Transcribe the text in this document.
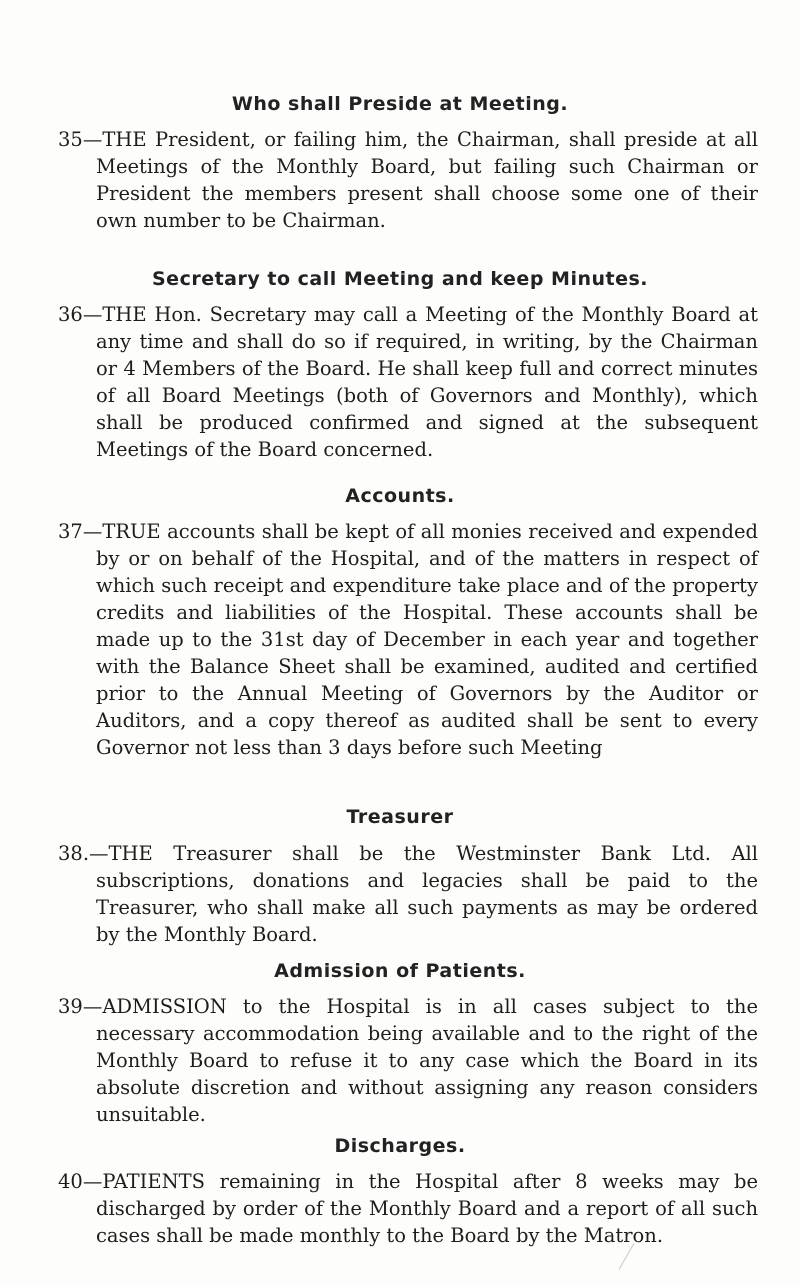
Who shall Preside at Meeting.
35—THE President, or failing him, the Chairman, shall preside at all Meetings of the Monthly Board, but failing such Chairman or President the members present shall choose some one of their own number to be Chairman.
Secretary to call Meeting and keep Minutes.
36—THE Hon. Secretary may call a Meeting of the Monthly Board at any time and shall do so if required, in writing, by the Chairman or 4 Members of the Board. He shall keep full and correct minutes of all Board Meetings (both of Governors and Monthly), which shall be produced confirmed and signed at the subsequent Meetings of the Board concerned.
Accounts.
37—TRUE accounts shall be kept of all monies received and expended by or on behalf of the Hospital, and of the matters in respect of which such receipt and expenditure take place and of the property credits and liabilities of the Hospital. These accounts shall be made up to the 31st day of December in each year and together with the Balance Sheet shall be examined, audited and certified prior to the Annual Meeting of Governors by the Auditor or Auditors, and a copy thereof as audited shall be sent to every Governor not less than 3 days before such Meeting
Treasurer
38.—THE Treasurer shall be the Westminster Bank Ltd. All subscriptions, donations and legacies shall be paid to the Treasurer, who shall make all such payments as may be ordered by the Monthly Board.
Admission of Patients.
39—ADMISSION to the Hospital is in all cases subject to the necessary accommodation being available and to the right of the Monthly Board to refuse it to any case which the Board in its absolute discretion and without assigning any reason considers unsuitable.
Discharges.
40—PATIENTS remaining in the Hospital after 8 weeks may be discharged by order of the Monthly Board and a report of all such cases shall be made monthly to the Board by the Matron.
